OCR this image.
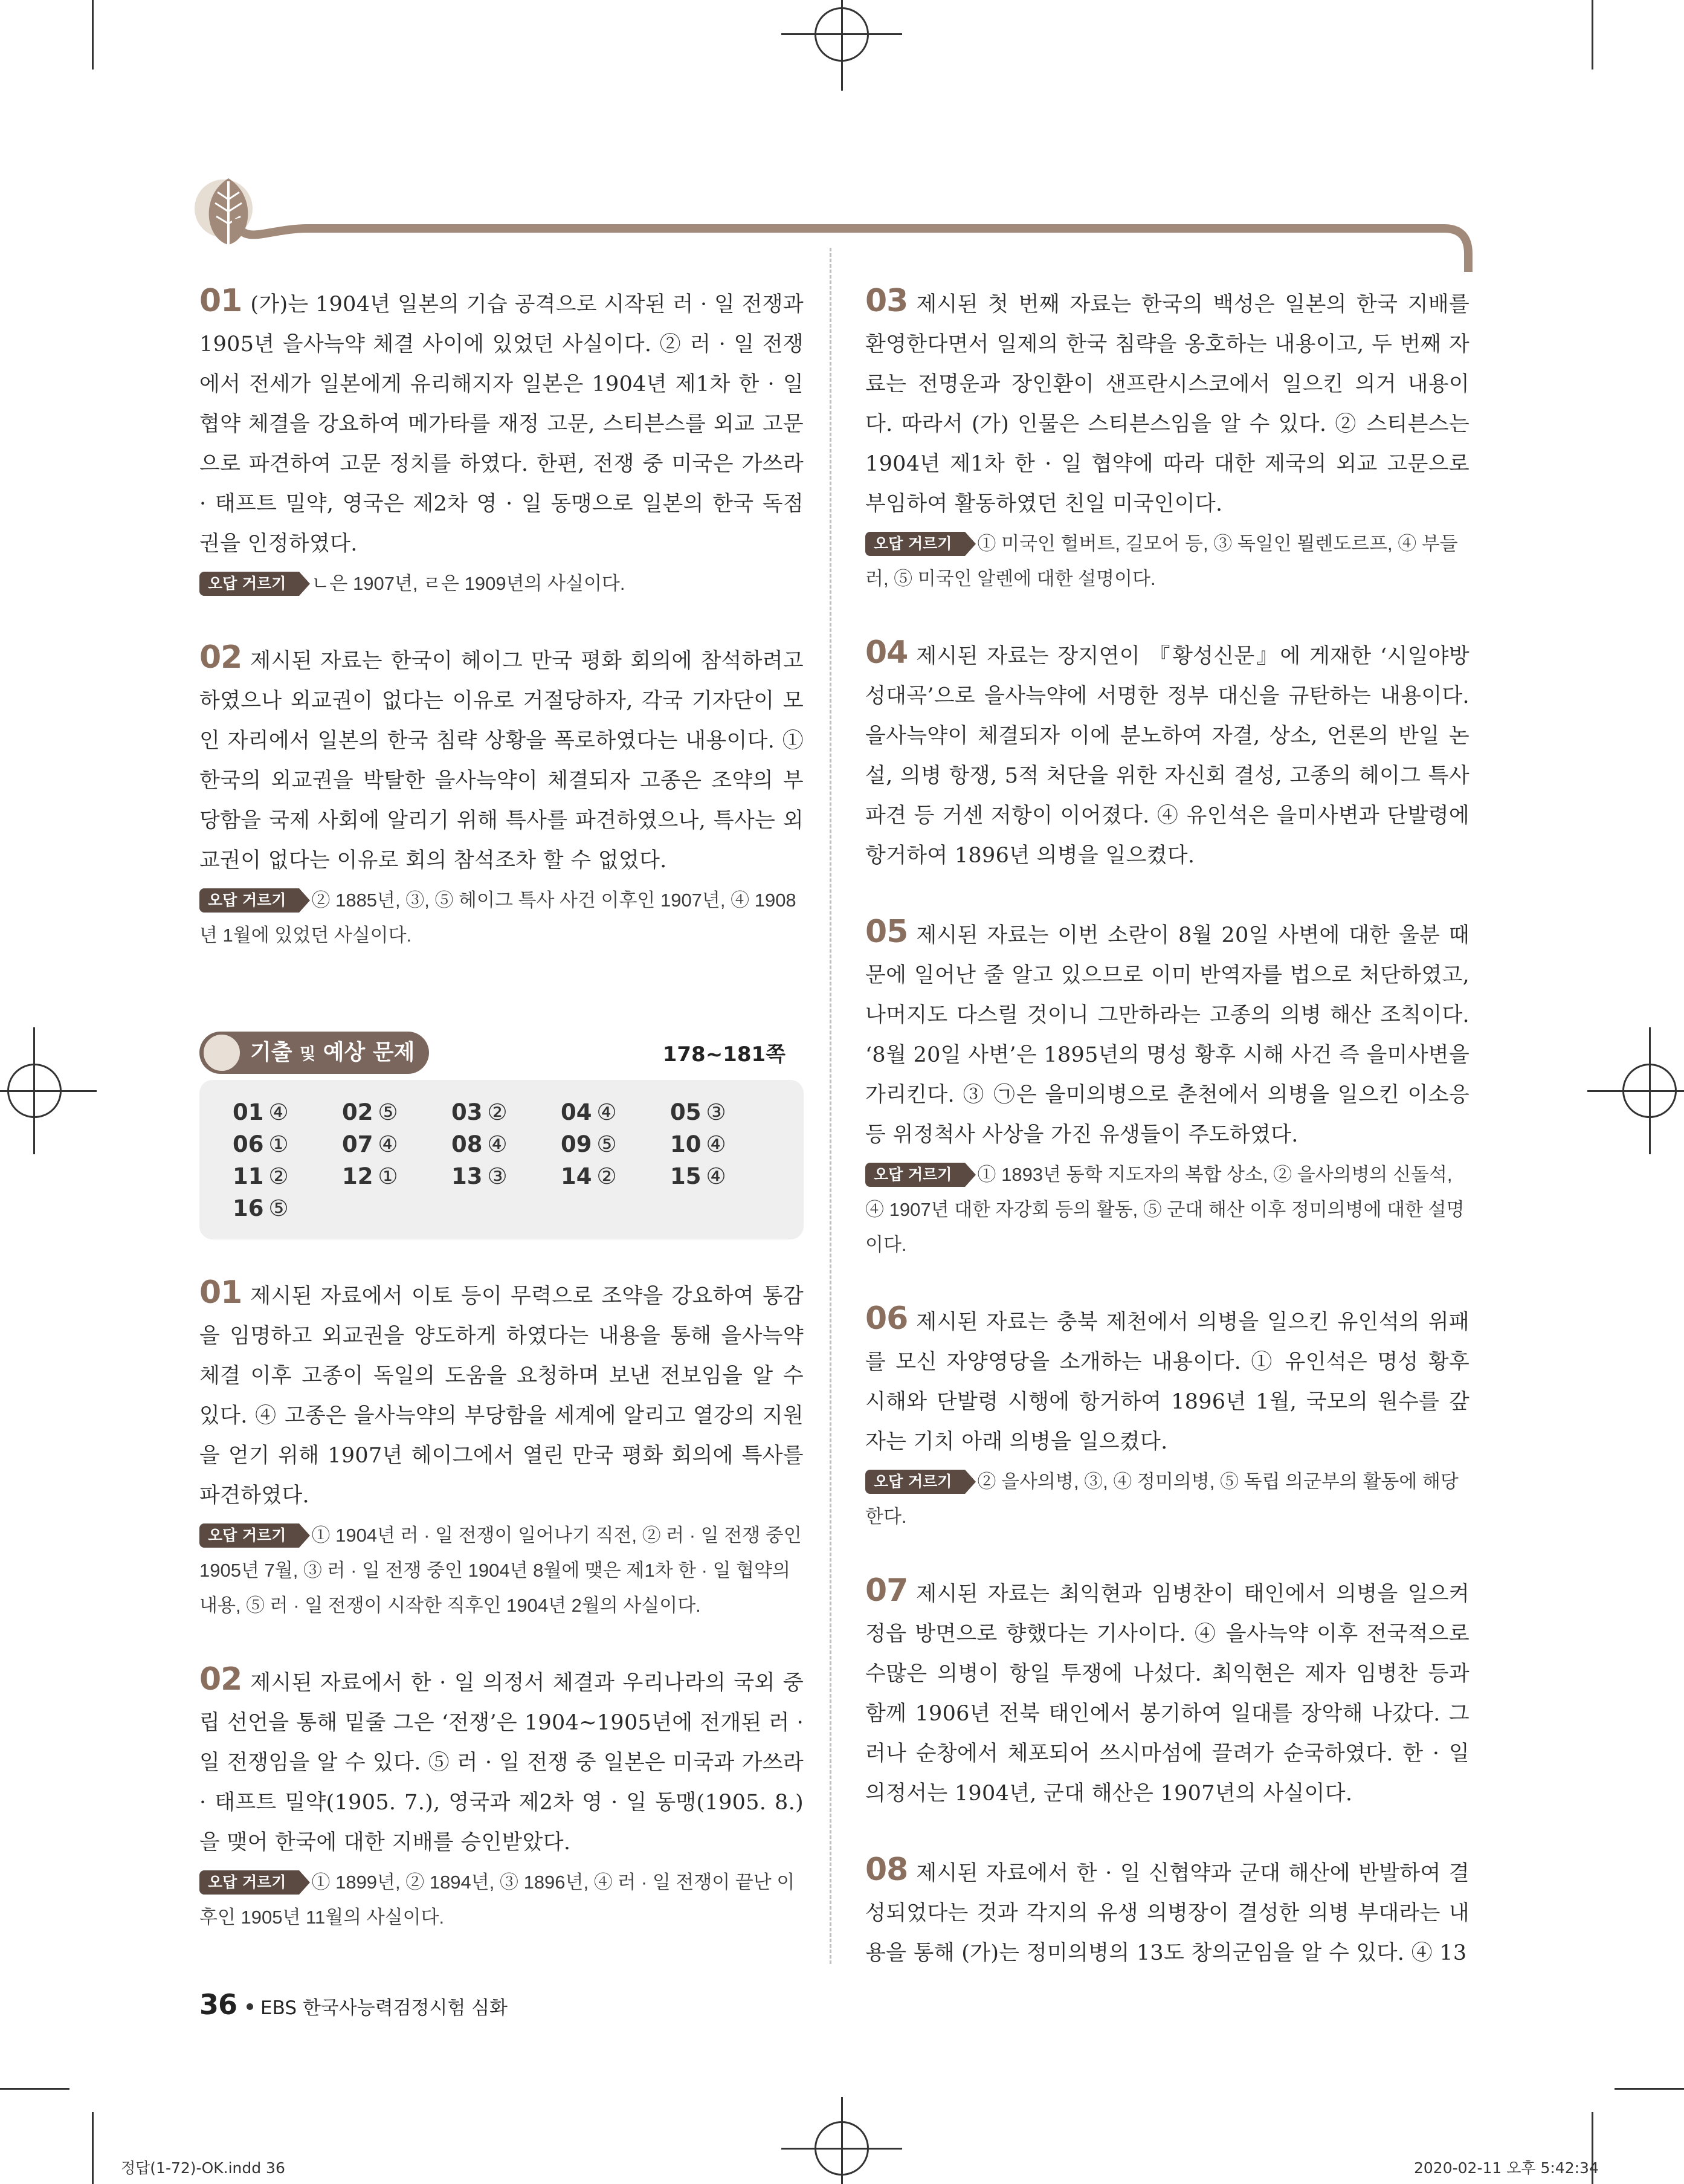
01 (가)는 1904년 일본의 기습 공격으로 시작된 러 · 일 전쟁과 1905년 을사늑약 체결 사이에 있었던 사실이다. ② 러 · 일 전쟁에서 전세가 일본에게 유리해지자 일본은 1904년 제1차 한 · 일 협약 체결을 강요하여 메가타를 재정 고문, 스티븐스를 외교 고문으로 파견하여 고문 정치를 하였다. 한편, 전쟁 중 미국은 가쓰라 · 태프트 밀약, 영국은 제2차 영 · 일 동맹으로 일본의 한국 독점권을 인정하였다.

오답 거르기 ㄴ은 1907년, ㄹ은 1909년의 사실이다.

02 제시된 자료는 한국이 헤이그 만국 평화 회의에 참석하려고 하였으나 외교권이 없다는 이유로 거절당하자, 각국 기자단이 모인 자리에서 일본의 한국 침략 상황을 폭로하였다는 내용이다. ① 한국의 외교권을 박탈한 을사늑약이 체결되자 고종은 조약의 부당함을 국제 사회에 알리기 위해 특사를 파견하였으나, 특사는 외교권이 없다는 이유로 회의 참석조차 할 수 없었다.

오답 거르기 ② 1885년, ③, ⑤ 헤이그 특사 사건 이후인 1907년, ④ 1908년 1월에 있었던 사실이다.
기출 및 예상 문제	178~181쪽
01 ④	02 ⑤	03 ②	04 ④	05 ③
06 ①	07 ④	08 ④	09 ⑤	10 ④
11 ②	12 ①	13 ③	14 ②	15 ④
16 ⑤

01 제시된 자료에서 이토 등이 무력으로 조약을 강요하여 통감을 임명하고 외교권을 양도하게 하였다는 내용을 통해 을사늑약 체결 이후 고종이 독일의 도움을 요청하며 보낸 전보임을 알 수 있다. ④ 고종은 을사늑약의 부당함을 세계에 알리고 열강의 지원을 얻기 위해 1907년 헤이그에서 열린 만국 평화 회의에 특사를 파견하였다.

오답 거르기 ① 1904년 러 · 일 전쟁이 일어나기 직전, ② 러 · 일 전쟁 중인 1905년 7월, ③ 러 · 일 전쟁 중인 1904년 8월에 맺은 제1차 한 · 일 협약의 내용, ⑤ 러 · 일 전쟁이 시작한 직후인 1904년 2월의 사실이다.

02 제시된 자료에서 한 · 일 의정서 체결과 우리나라의 국외 중립 선언을 통해 밑줄 그은 ‘전쟁’은 1904~1905년에 전개된 러 · 일 전쟁임을 알 수 있다. ⑤ 러 · 일 전쟁 중 일본은 미국과 가쓰라 · 태프트 밀약(1905. 7.), 영국과 제2차 영 · 일 동맹(1905. 8.)을 맺어 한국에 대한 지배를 승인받았다.

오답 거르기 ① 1899년, ② 1894년, ③ 1896년, ④ 러 · 일 전쟁이 끝난 이후인 1905년 11월의 사실이다.

03 제시된 첫 번째 자료는 한국의 백성은 일본의 한국 지배를 환영한다면서 일제의 한국 침략을 옹호하는 내용이고, 두 번째 자료는 전명운과 장인환이 샌프란시스코에서 일으킨 의거 내용이다. 따라서 (가) 인물은 스티븐스임을 알 수 있다. ② 스티븐스는 1904년 제1차 한 · 일 협약에 따라 대한 제국의 외교 고문으로 부임하여 활동하였던 친일 미국인이다.

오답 거르기 ① 미국인 헐버트, 길모어 등, ③ 독일인 묄렌도르프, ④ 부들러, ⑤ 미국인 알렌에 대한 설명이다.

04 제시된 자료는 장지연이 『황성신문』에 게재한 ‘시일야방성대곡’으로 을사늑약에 서명한 정부 대신을 규탄하는 내용이다. 을사늑약이 체결되자 이에 분노하여 자결, 상소, 언론의 반일 논설, 의병 항쟁, 5적 처단을 위한 자신회 결성, 고종의 헤이그 특사 파견 등 거센 저항이 이어졌다. ④ 유인석은 을미사변과 단발령에 항거하여 1896년 의병을 일으켰다.

05 제시된 자료는 이번 소란이 8월 20일 사변에 대한 울분 때문에 일어난 줄 알고 있으므로 이미 반역자를 법으로 처단하였고, 나머지도 다스릴 것이니 그만하라는 고종의 의병 해산 조칙이다. ‘8월 20일 사변’은 1895년의 명성 황후 시해 사건 즉 을미사변을 가리킨다. ③ ㉠은 을미의병으로 춘천에서 의병을 일으킨 이소응 등 위정척사 사상을 가진 유생들이 주도하였다.

오답 거르기 ① 1893년 동학 지도자의 복합 상소, ② 을사의병의 신돌석, ④ 1907년 대한 자강회 등의 활동, ⑤ 군대 해산 이후 정미의병에 대한 설명이다.

06 제시된 자료는 충북 제천에서 의병을 일으킨 유인석의 위패를 모신 자양영당을 소개하는 내용이다. ① 유인석은 명성 황후 시해와 단발령 시행에 항거하여 1896년 1월, 국모의 원수를 갚자는 기치 아래 의병을 일으켰다.

오답 거르기 ② 을사의병, ③, ④ 정미의병, ⑤ 독립 의군부의 활동에 해당한다.

07 제시된 자료는 최익현과 임병찬이 태인에서 의병을 일으켜 정읍 방면으로 향했다는 기사이다. ④ 을사늑약 이후 전국적으로 수많은 의병이 항일 투쟁에 나섰다. 최익현은 제자 임병찬 등과 함께 1906년 전북 태인에서 봉기하여 일대를 장악해 나갔다. 그러나 순창에서 체포되어 쓰시마섬에 끌려가 순국하였다. 한 · 일 의정서는 1904년, 군대 해산은 1907년의 사실이다.

08 제시된 자료에서 한 · 일 신협약과 군대 해산에 반발하여 결성되었다는 것과 각지의 유생 의병장이 결성한 의병 부대라는 내용을 통해 (가)는 정미의병의 13도 창의군임을 알 수 있다. ④ 13

36 EBS 한국사능력검정시험 심화
정답(1-72)-OK.indd 36	2020-02-11 오후 5:42:34
